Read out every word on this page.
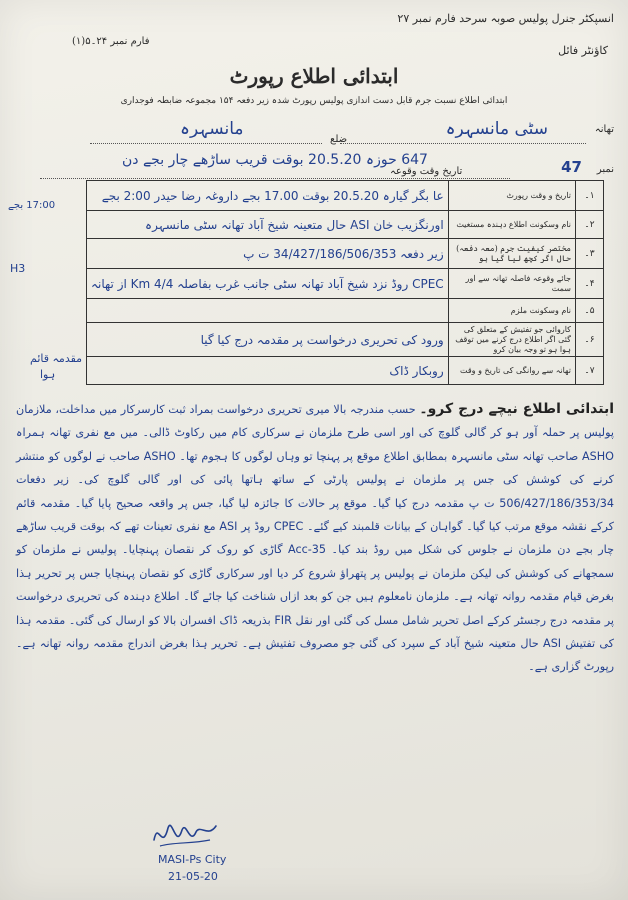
انسپکٹر جنرل پولیس صوبہ سرحد فارم نمبر ۲۷
کاؤنٹر فائل
فارم نمبر ۲۴۔۵(۱)
ابتدائی اطلاع رپورٹ
ابتدائی اطلاع نسبت جرم قابل دست اندازی پولیس رپورٹ شدہ زیر دفعہ ۱۵۴ مجموعہ ضابطہ فوجداری
تھانہ
سٹی مانسہرہ
ضلع
مانسہرہ
نمبر
47
تاریخ وقت وقوعہ
647 حوزہ 20.5.20 بوقت قریب ساڑھے چار بجے دن
۱۔	تاریخ و وقت رپورٹ	عا بگر گیارہ 20.5.20 بوقت 17.00 بجے داروغہ رضا حیدر 2:00 بجے
۲۔	نام وسکونت اطلاع دہندہ مستغیث	اورنگزیب خان ASI حال متعینہ شیخ آباد تھانہ سٹی مانسہرہ
۳۔	مختصر کیفیت جرم (معہ دفعہ) حال اگر کچھ لیا گیا ہو	زیر دفعہ 34/427/186/506/353 ت پ
۴۔	جائے وقوعہ فاصلہ تھانہ سے اور سمت	CPEC روڈ نزد شیخ آباد تھانہ سٹی جانب غرب بفاصلہ 4/4 Km از تھانہ
۵۔	نام وسکونت ملزم	
۶۔	کاروائی جو تفتیش کے متعلق کی گئی اگر اطلاع درج کرنے میں توقف ہوا ہو تو وجہ بیان کرو	ورود کی تحریری درخواست پر مقدمہ درج کیا گیا
۷۔	تھانہ سے روانگی کی تاریخ و وقت	روبکار ڈاک
17:00 بجے
H3
مقدمہ قائم
ہوا
ابتدائی اطلاع نیچے درج کرو۔ حسب مندرجہ بالا میری تحریری درخواست بمراد ثبت کارسرکار میں مداخلت، ملازمان پولیس پر حملہ آور ہو کر گالی گلوچ کی اور اسی طرح ملزمان نے سرکاری کام میں رکاوٹ ڈالی۔ میں مع نفری تھانہ ہمراہ ASHO صاحب تھانہ سٹی مانسہرہ بمطابق اطلاع موقع پر پہنچا تو وہاں لوگوں کا ہجوم تھا۔ ASHO صاحب نے لوگوں کو منتشر کرنے کی کوشش کی جس پر ملزمان نے پولیس پارٹی کے ساتھ ہاتھا پائی کی اور گالی گلوچ کی۔ زیر دفعات 506/427/186/353/34 ت پ مقدمہ درج کیا گیا۔ موقع پر حالات کا جائزہ لیا گیا، جس پر واقعہ صحیح پایا گیا۔ مقدمہ قائم کرکے نقشہ موقع مرتب کیا گیا۔ گواہان کے بیانات قلمبند کیے گئے۔ CPEC روڈ پر ASI مع نفری تعینات تھے کہ بوقت قریب ساڑھے چار بجے دن ملزمان نے جلوس کی شکل میں روڈ بند کیا۔ Acc-35 گاڑی کو روک کر نقصان پہنچایا۔ پولیس نے ملزمان کو سمجھانے کی کوشش کی لیکن ملزمان نے پولیس پر پتھراؤ شروع کر دیا اور سرکاری گاڑی کو نقصان پہنچایا جس پر تحریر ہذا بغرض قیام مقدمہ روانہ تھانہ ہے۔ ملزمان نامعلوم ہیں جن کو بعد ازاں شناخت کیا جائے گا۔ اطلاع دہندہ کی تحریری درخواست پر مقدمہ درج رجسٹر کرکے اصل تحریر شامل مسل کی گئی اور نقل FIR بذریعہ ڈاک افسران بالا کو ارسال کی گئی۔ مقدمہ ہذا کی تفتیش ASI حال متعینہ شیخ آباد کے سپرد کی گئی جو مصروف تفتیش ہے۔ تحریر ہذا بغرض اندراج مقدمہ روانہ تھانہ ہے۔ رپورٹ گزاری ہے۔
MASI-Ps City
21-05-20
